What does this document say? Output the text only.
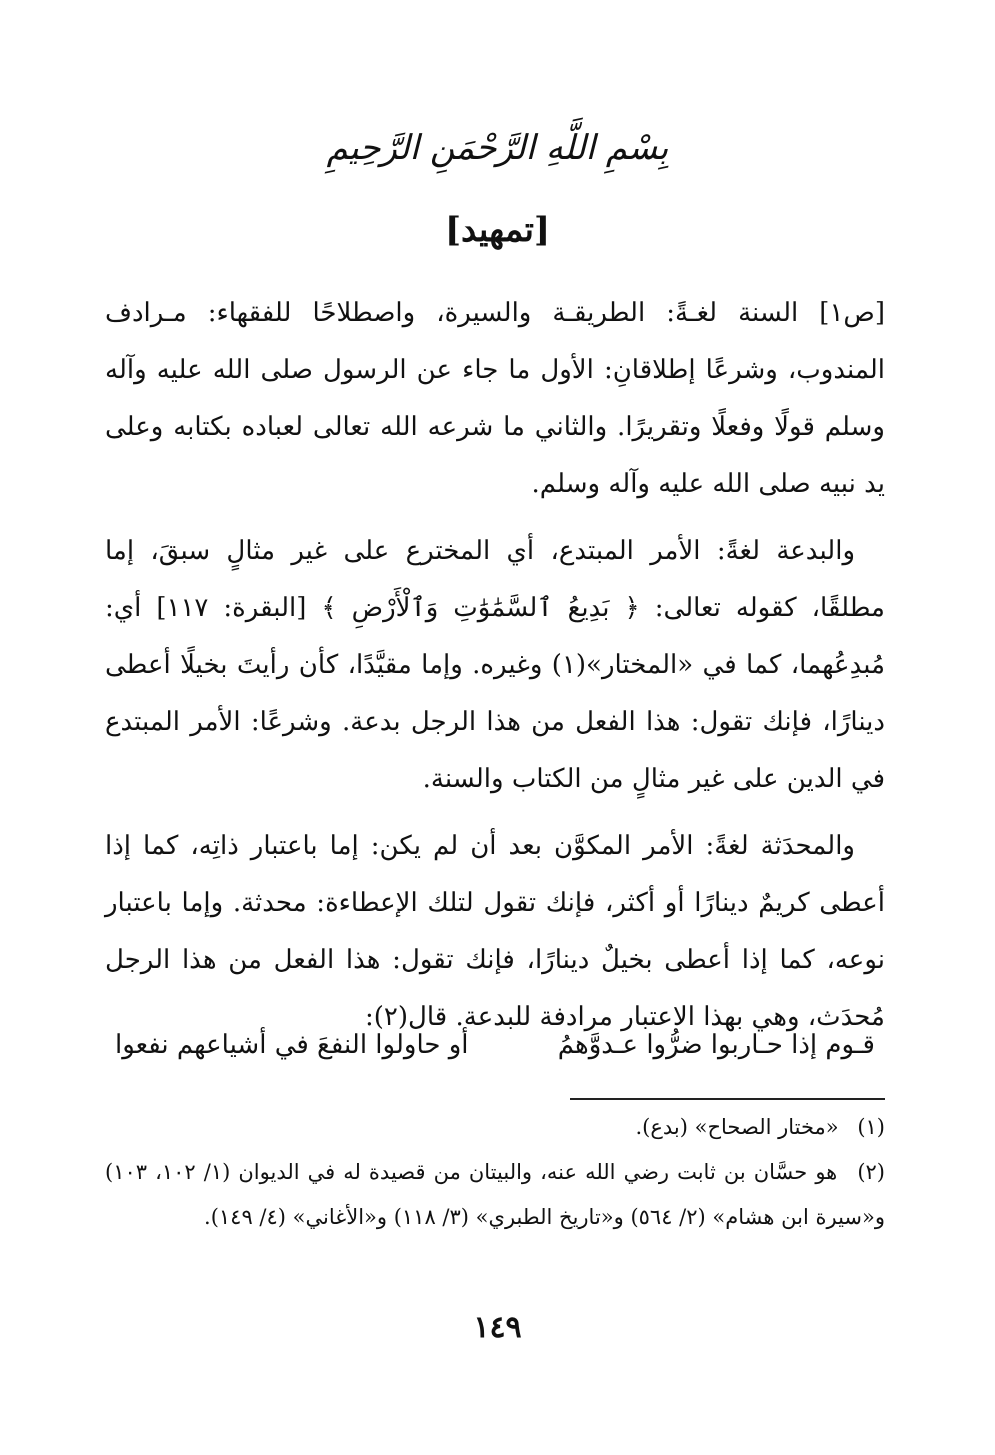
بِسْمِ اللَّهِ الرَّحْمَنِ الرَّحِيمِ
[تمهيد]

[ص١] السنة لغـةً: الطريقـة والسيرة، واصطلاحًا للفقهاء: مـرادف المندوب، وشرعًا إطلاقانِ: الأول ما جاء عن الرسول صلى الله عليه وآله وسلم قولًا وفعلًا وتقريرًا. والثاني ما شرعه الله تعالى لعباده بكتابه وعلى يد نبيه صلى الله عليه وآله وسلم.

والبدعة لغةً: الأمر المبتدع، أي المخترع على غير مثالٍ سبقَ، إما مطلقًا، كقوله تعالى: ﴿ بَدِيعُ ٱلسَّمَٰوَٰتِ وَٱلْأَرْضِ ﴾ [البقرة: ١١٧] أي: مُبدِعُهما، كما في «المختار»(١) وغيره. وإما مقيَّدًا، كأن رأيتَ بخيلًا أعطى دينارًا، فإنك تقول: هذا الفعل من هذا الرجل بدعة. وشرعًا: الأمر المبتدع في الدين على غير مثالٍ من الكتاب والسنة.

والمحدَثة لغةً: الأمر المكوَّن بعد أن لم يكن: إما باعتبار ذاتِه، كما إذا أعطى كريمٌ دينارًا أو أكثر، فإنك تقول لتلك الإعطاءة: محدثة. وإما باعتبار نوعه، كما إذا أعطى بخيلٌ دينارًا، فإنك تقول: هذا الفعل من هذا الرجل مُحدَث، وهي بهذا الاعتبار مرادفة للبدعة. قال(٢):

قـوم إذا حـاربوا ضرُّوا عـدوَّهمُ
أو حاولوا النفعَ في أشياعهم نفعوا

(١) «مختار الصحاح» (بدع).

(٢) هو حسَّان بن ثابت رضي الله عنه، والبيتان من قصيدة له في الديوان (١/ ١٠٢، ١٠٣) و«سيرة ابن هشام» (٢/ ٥٦٤) و«تاريخ الطبري» (٣/ ١١٨) و«الأغاني» (٤/ ١٤٩).

١٤٩
